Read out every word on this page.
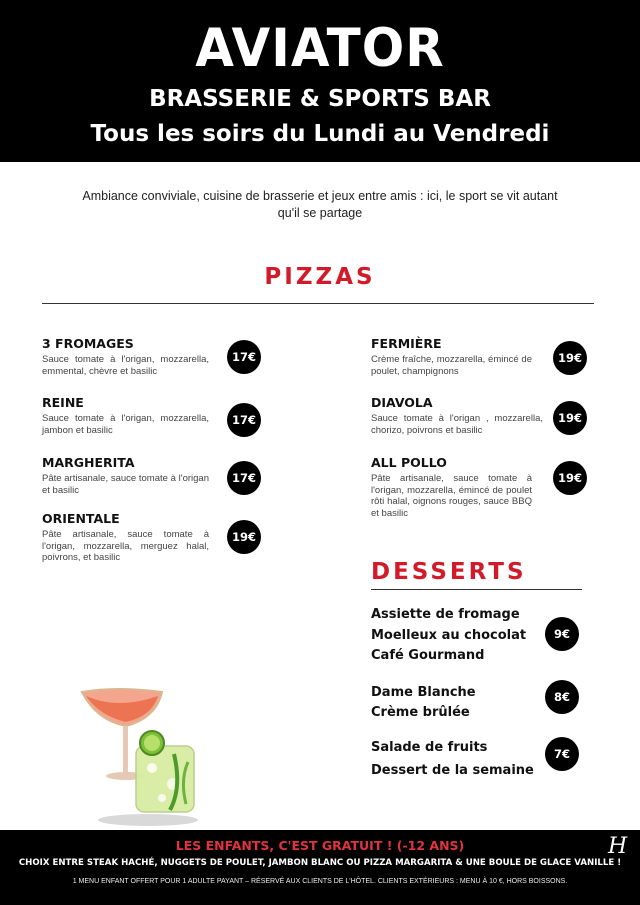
AVIATOR
BRASSERIE & SPORTS BAR
Tous les soirs du Lundi au Vendredi
Ambiance conviviale, cuisine de brasserie et jeux entre amis : ici, le sport se vit autant qu'il se partage
PIZZAS
3 FROMAGES
Sauce tomate à l'origan, mozzarella, emmental, chèvre et basilic
17€
REINE
Sauce tomate à l'origan, mozzarella, jambon et basilic
17€
MARGHERITA
Pâte artisanale, sauce tomate à l'origan et basilic
17€
ORIENTALE
Pâte artisanale, sauce tomate à l'origan, mozzarella, merguez halal, poivrons, et basilic
19€
FERMIÈRE
Crème fraîche, mozzarella, émincé de poulet, champignons
19€
DIAVOLA
Sauce tomate à l'origan , mozzarella, chorizo, poivrons et basilic
19€
ALL POLLO
Pâte artisanale, sauce tomate à l'origan, mozzarella, émincé de poulet rôti halal, oignons rouges, sauce BBQ et basilic
19€
DESSERTS
Assiette de fromage
Moelleux au chocolat
Café Gourmand
9€
Dame Blanche
Crème brûlée
8€
Salade de fruits
Dessert de la semaine
7€
LES ENFANTS, C'EST GRATUIT ! (-12 ANS)
CHOIX ENTRE STEAK HACHÉ, NUGGETS DE POULET, JAMBON BLANC OU PIZZA MARGARITA & UNE BOULE DE GLACE VANILLE !
1 MENU ENFANT OFFERT POUR 1 ADULTE PAYANT – RÉSERVÉ AUX CLIENTS DE L'HÔTEL. CLIENTS EXTÉRIEURS : MENU À 10 €, HORS BOISSONS.
H
